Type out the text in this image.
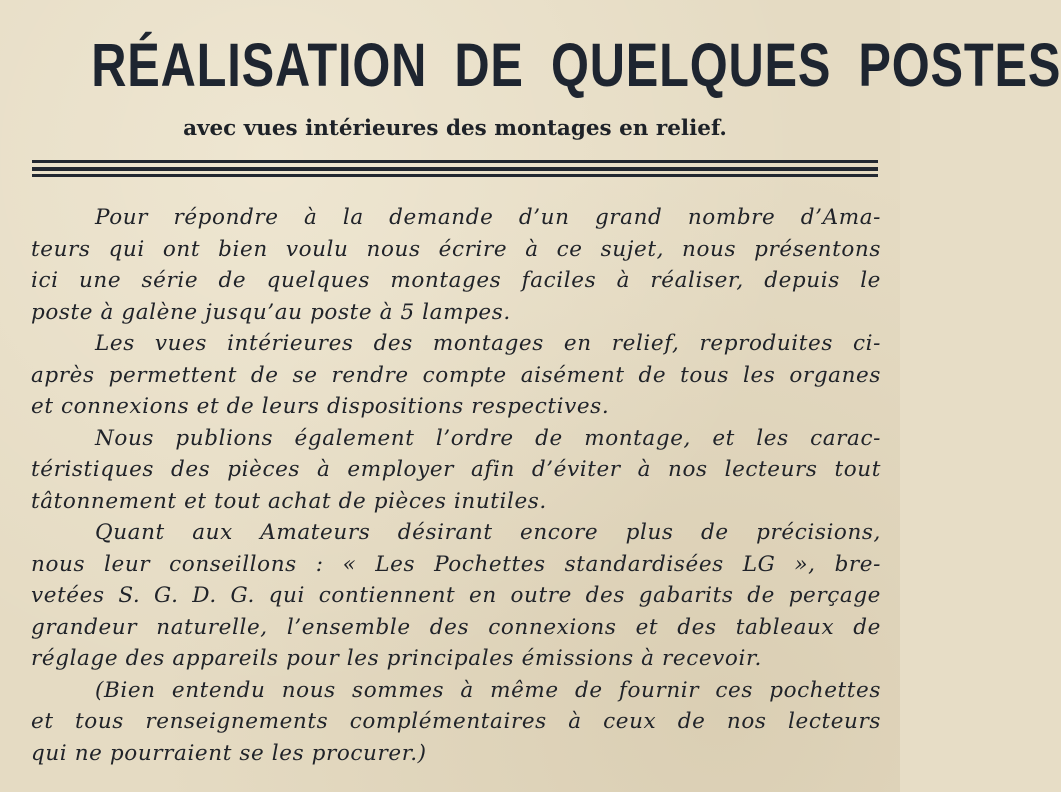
RÉALISATION DE QUELQUES POSTES
avec vues intérieures des montages en relief.
Pour répondre à la demande d’un grand nombre d’Ama-
teurs qui ont bien voulu nous écrire à ce sujet, nous présentons
ici une série de quelques montages faciles à réaliser, depuis le
poste à galène jusqu’au poste à 5 lampes.
Les vues intérieures des montages en relief, reproduites ci-
après permettent de se rendre compte aisément de tous les organes
et connexions et de leurs dispositions respectives.
Nous publions également l’ordre de montage, et les carac-
téristiques des pièces à employer afin d’éviter à nos lecteurs tout
tâtonnement et tout achat de pièces inutiles.
Quant aux Amateurs désirant encore plus de précisions,
nous leur conseillons : « Les Pochettes standardisées LG », bre-
vetées S. G. D. G. qui contiennent en outre des gabarits de perçage
grandeur naturelle, l’ensemble des connexions et des tableaux de
réglage des appareils pour les principales émissions à recevoir.
(Bien entendu nous sommes à même de fournir ces pochettes
et tous renseignements complémentaires à ceux de nos lecteurs
qui ne pourraient se les procurer.)
